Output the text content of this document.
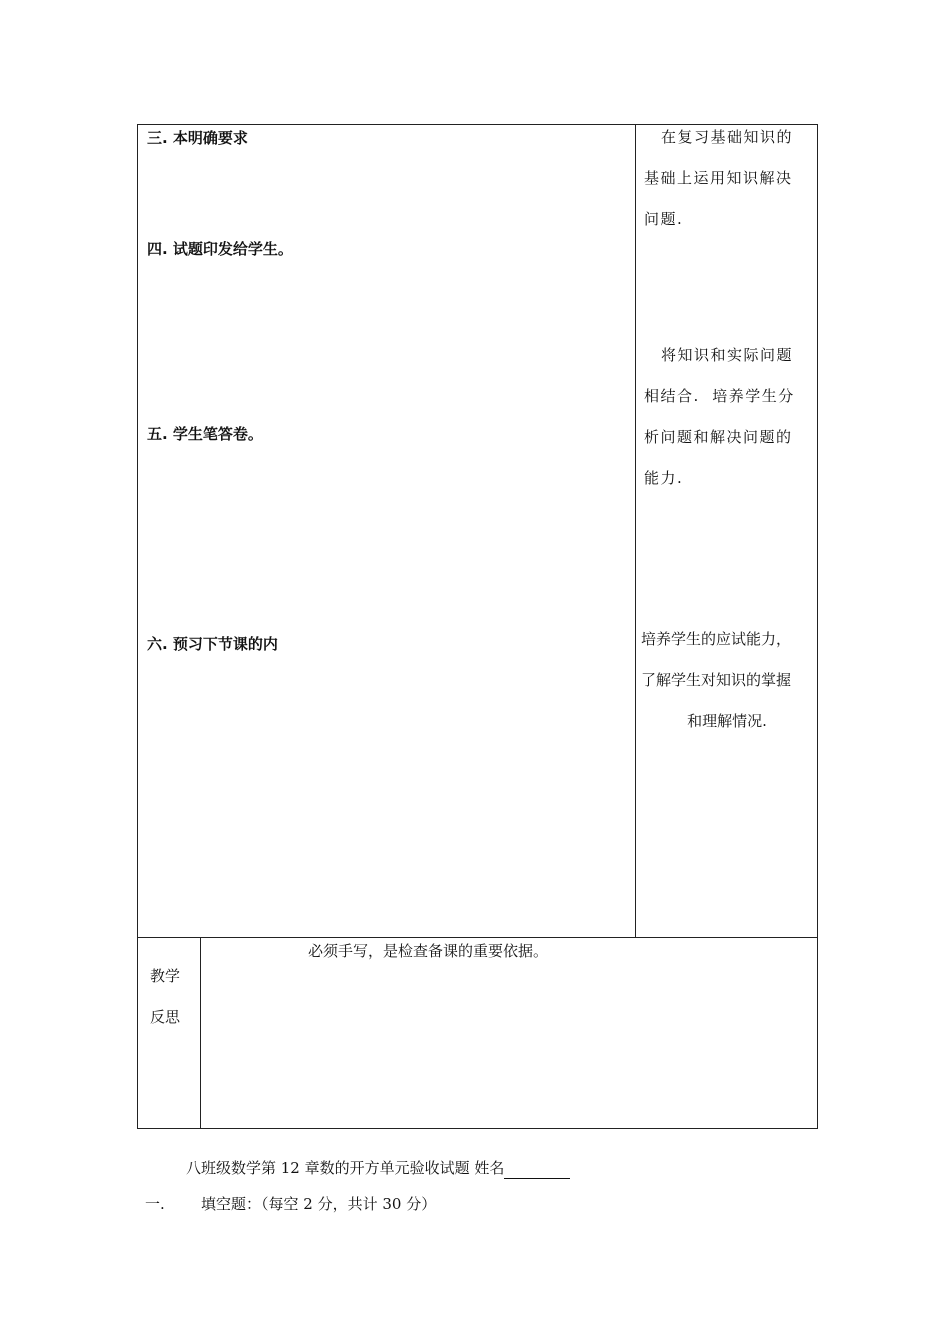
三. 本明确要求
四. 试题印发给学生。
五. 学生笔答卷。
六. 预习下节课的内

在复习基础知识的

基础上运用知识解决

问题.

将知识和实际问题

相结合.  培养学生分

析问题和解决问题的

能力.

培养学生的应试能力，

了解学生对知识的掌握

和理解情况.

教学

反思

必须手写，是检查备课的重要依据。
八班级数学第 12 章数的开方单元验收试题 姓名
一. 填空题：（每空 2 分，共计 30 分）
